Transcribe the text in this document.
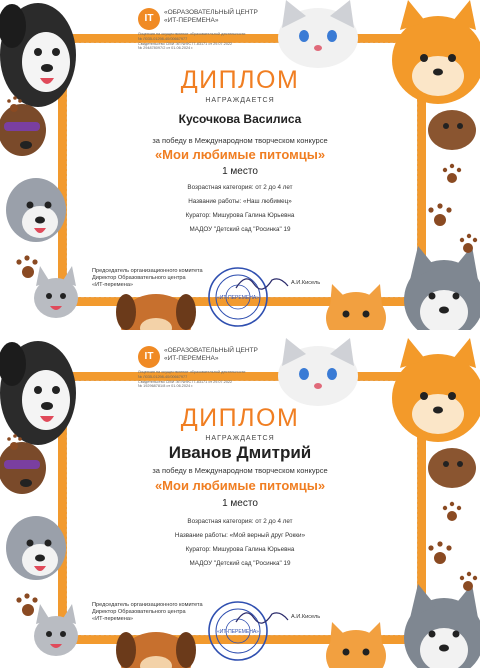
IT
«ОБРАЗОВАТЕЛЬНЫЙ ЦЕНТР
«ИТ-ПЕРЕМЕНА»
Лицензия на осуществление образовательной деятельности
№ Л035-01298-40/00667977
Свидетельство СМИ ЭЛ №ФС77-83171 от 29.07.2022
№ 294878097/2 от 01.06.2024 г.
ДИПЛОМ
НАГРАЖДАЕТСЯ
Кусочкова Василиса
за победу в Международном творческом конкурсе
«Мои любимые питомцы»
1 место
Возрастная категория: от 2 до 4 лет
Название работы: «Наш любимец»
Куратор: Мишурова Галина Юрьевна
МАДОУ "Детский сад "Росинка" 19
Председатель организационного комитета
Директор Образовательного центра
«ИТ-перемена»	А.И.Кисель
«ИТ-ПЕРЕМЕНА»
IT
«ОБРАЗОВАТЕЛЬНЫЙ ЦЕНТР
«ИТ-ПЕРЕМЕНА»
Лицензия на осуществление образовательной деятельности
№ Л035-01298-40/00667977
Свидетельство СМИ ЭЛ №ФС77-83171 от 29.07.2022
№ 192968781/8 от 01.06.2024 г.
ДИПЛОМ
НАГРАЖДАЕТСЯ
Иванов Дмитрий
за победу в Международном творческом конкурсе
«Мои любимые питомцы»
1 место
Возрастная категория: от 2 до 4 лет
Название работы: «Мой верный друг Рокки»
Куратор: Мишурова Галина Юрьевна
МАДОУ "Детский сад "Росинка" 19
Председатель организационного комитета
Директор Образовательного центра
«ИТ-перемена»	А.И.Кисель
«ИТ-ПЕРЕМЕНА»
